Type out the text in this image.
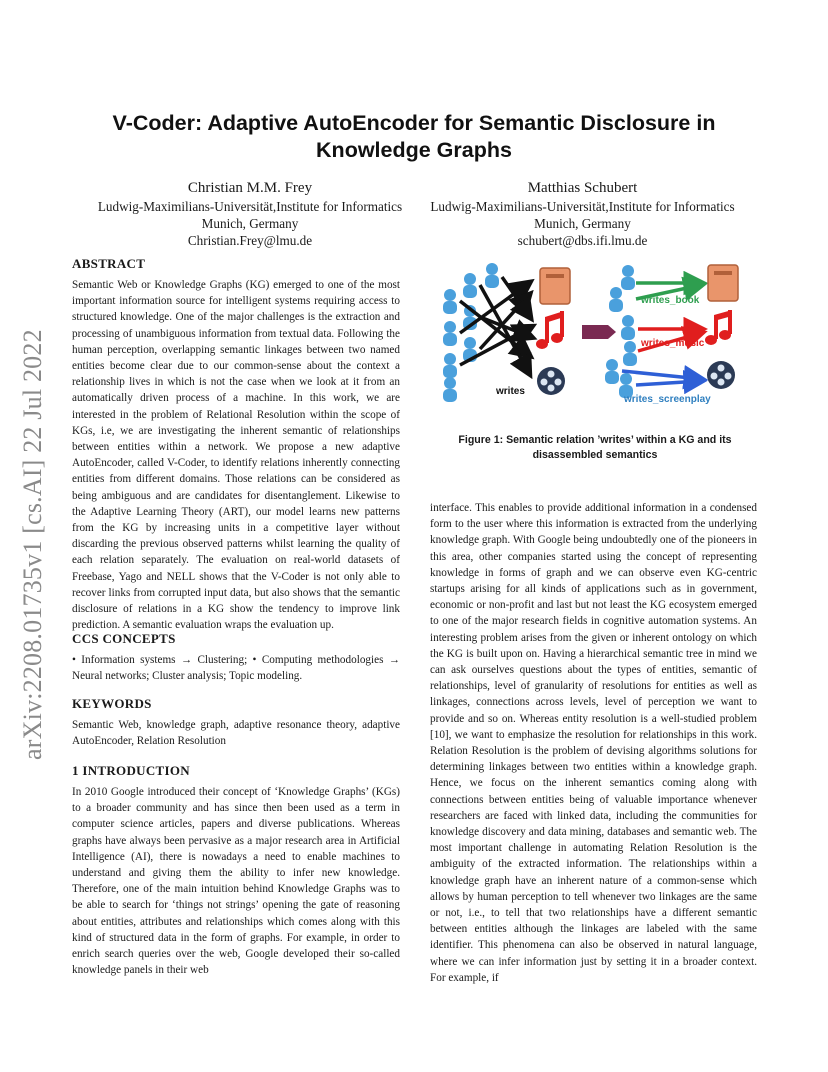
arXiv:2208.01735v1 [cs.AI] 22 Jul 2022
V-Coder: Adaptive AutoEncoder for Semantic Disclosure in Knowledge Graphs
Christian M.M. Frey
Ludwig-Maximilians-Universität,Institute for Informatics
Munich, Germany
Christian.Frey@lmu.de
Matthias Schubert
Ludwig-Maximilians-Universität,Institute for Informatics
Munich, Germany
schubert@dbs.ifi.lmu.de
ABSTRACT

Semantic Web or Knowledge Graphs (KG) emerged to one of the most important information source for intelligent systems requiring access to structured knowledge. One of the major challenges is the extraction and processing of unambiguous information from textual data. Following the human perception, overlapping semantic linkages between two named entities become clear due to our common-sense about the context a relationship lives in which is not the case when we look at it from an automatically driven process of a machine. In this work, we are interested in the problem of Relational Resolution within the scope of KGs, i.e, we are investigating the inherent semantic of relationships between entities within a network. We propose a new adaptive AutoEncoder, called V-Coder, to identify relations inherently connecting entities from different domains. Those relations can be considered as being ambiguous and are candidates for disentanglement. Likewise to the Adaptive Learning Theory (ART), our model learns new patterns from the KG by increasing units in a competitive layer without discarding the previous observed patterns whilst learning the quality of each relation separately. The evaluation on real-world datasets of Freebase, Yago and NELL shows that the V-Coder is not only able to recover links from corrupted input data, but also shows that the semantic disclosure of relations in a KG show the tendency to improve link prediction. A semantic evaluation wraps the evaluation up.

CCS CONCEPTS

• Information systems → Clustering; • Computing methodologies → Neural networks; Cluster analysis; Topic modeling.

KEYWORDS

Semantic Web, knowledge graph, adaptive resonance theory, adaptive AutoEncoder, Relation Resolution

1 INTRODUCTION

In 2010 Google introduced their concept of ‘Knowledge Graphs’ (KGs) to a broader community and has since then been used as a term in computer science articles, papers and diverse publications. Whereas graphs have always been pervasive as a major research area in Artificial Intelligence (AI), there is nowadays a need to enable machines to understand and giving them the ability to infer new knowledge. Therefore, one of the main intuition behind Knowledge Graphs was to be able to search for ‘things not strings’ opening the gate of reasoning about entities, attributes and relationships which comes along with this kind of structured data in the form of graphs. For example, in order to enrich search queries over the web, Google developed their so-called knowledge panels in their web

writes
writes_book
writes_music
writes_screenplay
Figure 1: Semantic relation ’writes’ within a KG and its disassembled semantics

interface. This enables to provide additional information in a condensed form to the user where this information is extracted from the underlying knowledge graph. With Google being undoubtedly one of the pioneers in this area, other companies started using the concept of representing knowledge in forms of graph and we can observe even KG-centric startups arising for all kinds of applications such as in government, economic or non-profit and last but not least the KG ecosystem emerged to one of the major research fields in cognitive automation systems. An interesting problem arises from the given or inherent ontology on which the KG is built upon on. Having a hierarchical semantic tree in mind we can ask ourselves questions about the types of entities, semantic of relationships, level of granularity of resolutions for entities as well as linkages, connections across levels, level of perception we want to provide and so on. Whereas entity resolution is a well-studied problem [10], we want to emphasize the resolution for relationships in this work. Relation Resolution is the problem of devising algorithms solutions for determining linkages between two entities within a knowledge graph. Hence, we focus on the inherent semantics coming along with connections between entities being of valuable importance whenever researchers are faced with linked data, including the communities for knowledge discovery and data mining, databases and semantic web. The most important challenge in automating Relation Resolution is the ambiguity of the extracted information. The relationships within a knowledge graph have an inherent nature of a common-sense which allows by human perception to tell whenever two linkages are the same or not, i.e., to tell that two relationships have a different semantic between entities although the linkages are labeled with the same identifier. This phenomena can also be observed in natural language, where we can infer information just by setting it in a broader context. For example, if
